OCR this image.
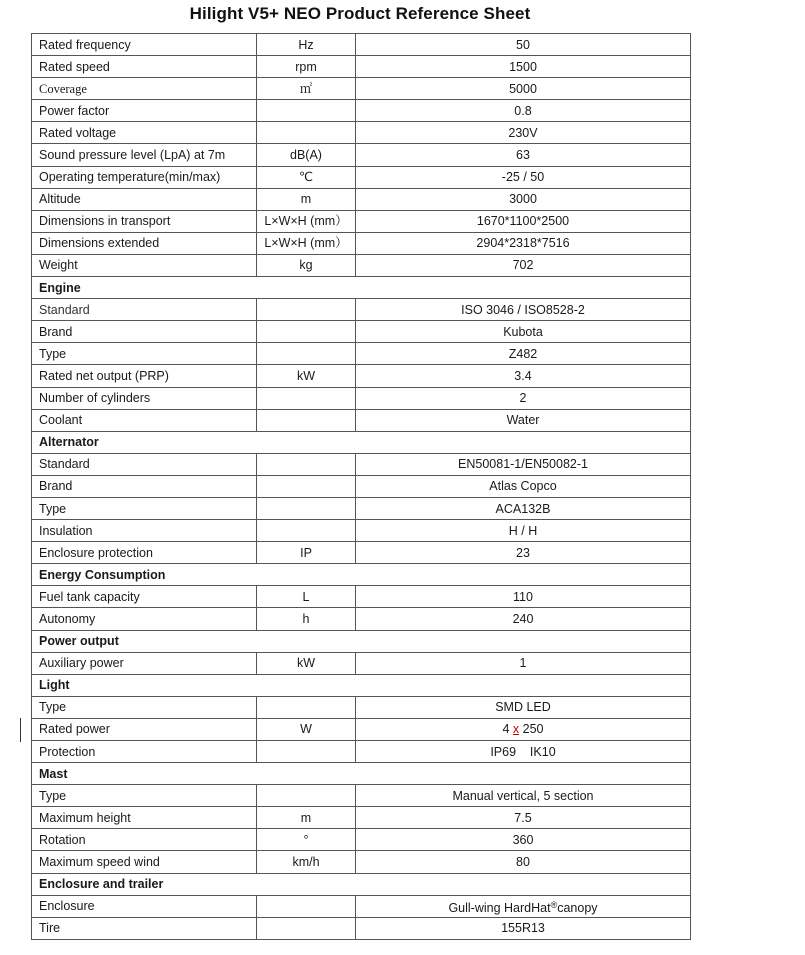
Hilight V5+ NEO Product Reference Sheet
Rated frequency	Hz	50
Rated speed	rpm	1500
Coverage	㎡	5000
Power factor		0.8
Rated voltage		230V
Sound pressure level (LpA) at 7m	dB(A)	63
Operating temperature(min/max)	℃	-25 / 50
Altitude	m	3000
Dimensions in transport	L×W×H (mm）	1670*1100*2500
Dimensions extended	L×W×H (mm）	2904*2318*7516
Weight	kg	702
Engine		
Standard		ISO 3046 / ISO8528-2
Brand		Kubota
Type		Z482
Rated net output (PRP)	kW	3.4
Number of cylinders		2
Coolant		Water
Alternator		
Standard		EN50081-1/EN50082-1
Brand		Atlas Copco
Type		ACA132B
Insulation		H / H
Enclosure protection	IP	23
Energy Consumption		
Fuel tank capacity	L	110
Autonomy	h	240
Power output		
Auxiliary power	kW	1
Light		
Type		SMD LED
Rated power	W	4 x 250
Protection		IP69    IK10
Mast		
Type		Manual vertical, 5 section
Maximum height	m	7.5
Rotation	°	360
Maximum speed wind	km/h	80
Enclosure and trailer		
Enclosure		Gull-wing HardHat®canopy
Tire		155R13
